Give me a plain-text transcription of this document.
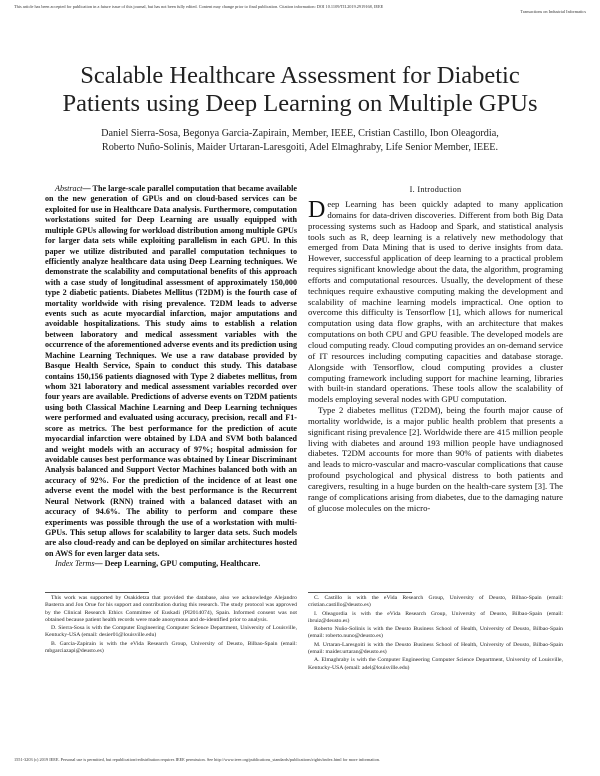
This article has been accepted for publication in a future issue of this journal, but has not been fully edited. Content may change prior to final publication. Citation information: DOI 10.1109/TII.2019.2919168, IEEE
Transactions on Industrial Informatics
Scalable Healthcare Assessment for Diabetic
Patients using Deep Learning on Multiple GPUs
Daniel Sierra-Sosa, Begonya Garcia-Zapirain, Member, IEEE, Cristian Castillo, Ibon Oleagordia,
Roberto Nuño-Solinis, Maider Urtaran-Laresgoiti, Adel Elmaghraby, Life Senior Member, IEEE.

Abstract— The large-scale parallel computation that became available on the new generation of GPUs and on cloud-based services can be exploited for use in Healthcare Data analysis. Furthermore, computation workstations suited for Deep Learning are usually equipped with multiple GPUs allowing for workload distribution among multiple GPUs for larger data sets while exploiting parallelism in each GPU. In this paper we utilize distributed and parallel computation techniques to efficiently analyze healthcare data using Deep Learning techniques. We demonstrate the scalability and computational benefits of this approach with a case study of longitudinal assessment of approximately 150,000 type 2 diabetic patients. Diabetes Mellitus (T2DM) is the fourth case of mortality worldwide with rising prevalence. T2DM leads to adverse events such as acute myocardial infarction, major amputations and avoidable hospitalizations. This study aims to establish a relation between laboratory and medical assessment variables with the occurrence of the aforementioned adverse events and its prediction using Machine Learning Techniques. We use a raw database provided by Basque Health Service, Spain to conduct this study. This database contains 150,156 patients diagnosed with Type 2 diabetes mellitus, from whom 321 laboratory and medical assessment variables recorded over four years are available. Predictions of adverse events on T2DM patients using both Classical Machine Learning and Deep Learning techniques were performed and evaluated using accuracy, precision, recall and F1-score as metrics. The best performance for the prediction of acute myocardial infarction were obtained by LDA and SVM both balanced and weight models with an accuracy of 97%; hospital admission for avoidable causes best performance was obtained by Linear Discriminant Analysis balanced and Support Vector Machines balanced both with an accuracy of 92%. For the prediction of the incidence of at least one adverse event the model with the best performance is the Recurrent Neural Network (RNN) trained with a balanced dataset with an accuracy of 94.6%. The ability to perform and compare these experiments was possible through the use of a workstation with multi-GPUs. This setup allows for scalability to larger data sets. Such models are also cloud-ready and can be deployed on similar architectures hosted on AWS for even larger data sets.

Index Terms— Deep Learning, GPU computing, Healthcare.

I. Introduction

Deep Learning has been quickly adapted to many application domains for data-driven discoveries. Different from both Big Data processing systems such as Hadoop and Spark, and statistical analysis tools such as R, deep learning is a relatively new methodology that emerged from Data Mining that is used to derive insights from data. However, successful application of deep learning to a practical problem requires significant knowledge about the data, the algorithm, programing efforts and computational resources. Usually, the development of these techniques require exhaustive computing making the development and scalability of machine learning models impractical. One option to overcome this difficulty is Tensorflow [1], which allows for numerical computation using data flow graphs, with an architecture that makes computations on both CPU and GPU feasible. The developed models are cloud computing ready. Cloud computing provides an on-demand service of IT resources including computing capacities and database storage. Alongside with Tensorflow, cloud computing provides a cluster computing framework including support for machine learning, libraries with built-in standard operations. These tools allow the scalability of models employing several nodes with GPU computation.

Type 2 diabetes mellitus (T2DM), being the fourth major cause of mortality worldwide, is a major public health problem that presents a significant rising prevalence [2]. Worldwide there are 415 million people living with diabetes and around 193 million people have undiagnosed diabetes. T2DM accounts for more than 90% of patients with diabetes and leads to micro-vascular and macro-vascular complications that cause profound psychological and physical distress to both patients and caregivers, resulting in a huge burden on the health-care system [3]. The range of complications arising from diabetes, due to the damaging nature of glucose molecules on the micro-

This work was supported by Osakidetza that provided the database, also we acknowledge Alejandro Basterra and Jon Orue for his support and contribution during this research. The study protocol was approved by the Clinical Research Ethics Committee of Euskadi (PI2014074), Spain. Informed consent was not obtained because patient health records were made anonymous and de-identified prior to analysis.

D. Sierra-Sosa is with the Computer Engineering Computer Science Department, University of Louisville, Kentucky-USA (email: desier01@louisville.edu)

B. Garcia-Zapirain is with the eVida Research Group, University of Deusto, Bilbao-Spain (email: mbgarciazapi@deusto.es)

C. Castillo is with the eVida Research Group, University of Deusto, Bilbao-Spain (email: cristian.castillo@deusto.es)

I. Oleagordia is with the eVida Research Group, University of Deusto, Bilbao-Spain (email: ibruiz@deusto.es)

Roberto Nuño-Solinis is with the Deusto Business School of Health, University of Deusto, Bilbao-Spain (email: roberto.nuno@deusto.es)

M. Urtaran-Laresgoiti is with the Deusto Business School of Health, University of Deusto, Bilbao-Spain (email: maider.urtaran@deusto.es)

A. Elmaghraby is with the Computer Engineering Computer Science Department, University of Louisville, Kentucky-USA (email: adel@louisville.edu)

1551-3203 (c) 2019 IEEE. Personal use is permitted, but republication/redistribution requires IEEE permission. See http://www.ieee.org/publications_standards/publications/rights/index.html for more information.
